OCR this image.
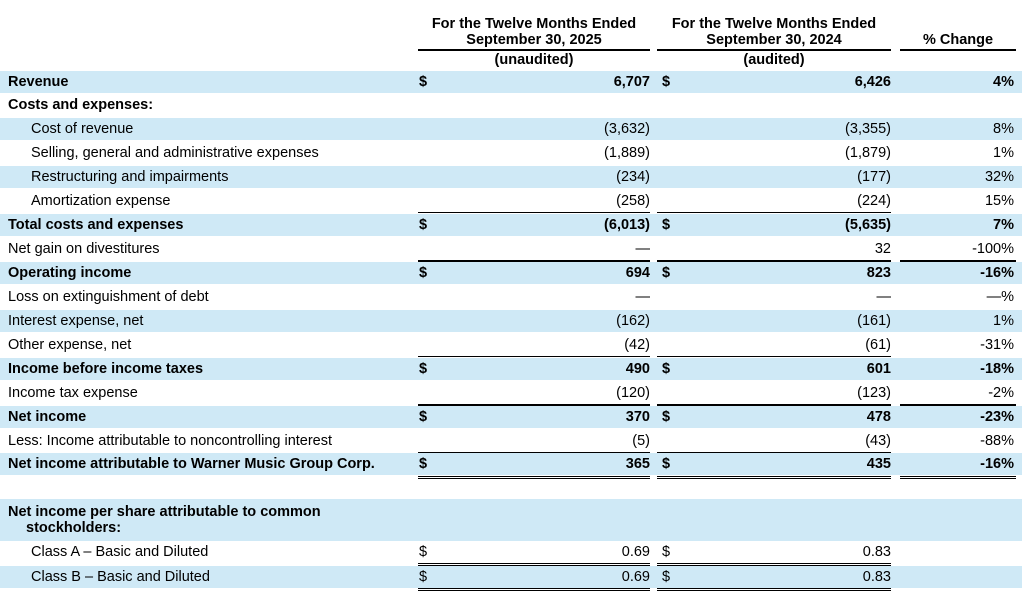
For the Twelve Months Ended
September 30, 2025
(unaudited)
For the Twelve Months Ended
September 30, 2024
(audited)
% Change
Revenue	$	6,707 $	6,426	4%
Costs and expenses:
Cost of revenue	(3,632)	(3,355)	8%
Selling, general and administrative expenses	(1,889)	(1,879)	1%
Restructuring and impairments	(234)	(177)	32%
Amortization expense	(258)	(224)	15%
Total costs and expenses	$	(6,013) $	(5,635)	7%
Net gain on divestitures	—	32	-100%
Operating income	$	694 $	823	-16%
Loss on extinguishment of debt	—	—	—%
Interest expense, net	(162)	(161)	1%
Other expense, net	(42)	(61)	-31%
Income before income taxes	$	490 $	601	-18%
Income tax expense	(120)	(123)	-2%
Net income	$	370 $	478	-23%
Less: Income attributable to noncontrolling interest	(5)	(43)	-88%
Net income attributable to Warner Music Group Corp.	$	365 $	435	-16%
Net income per share attributable to common
stockholders:
Class A – Basic and Diluted	$	0.69 $	0.83
Class B – Basic and Diluted	$	0.69 $	0.83
